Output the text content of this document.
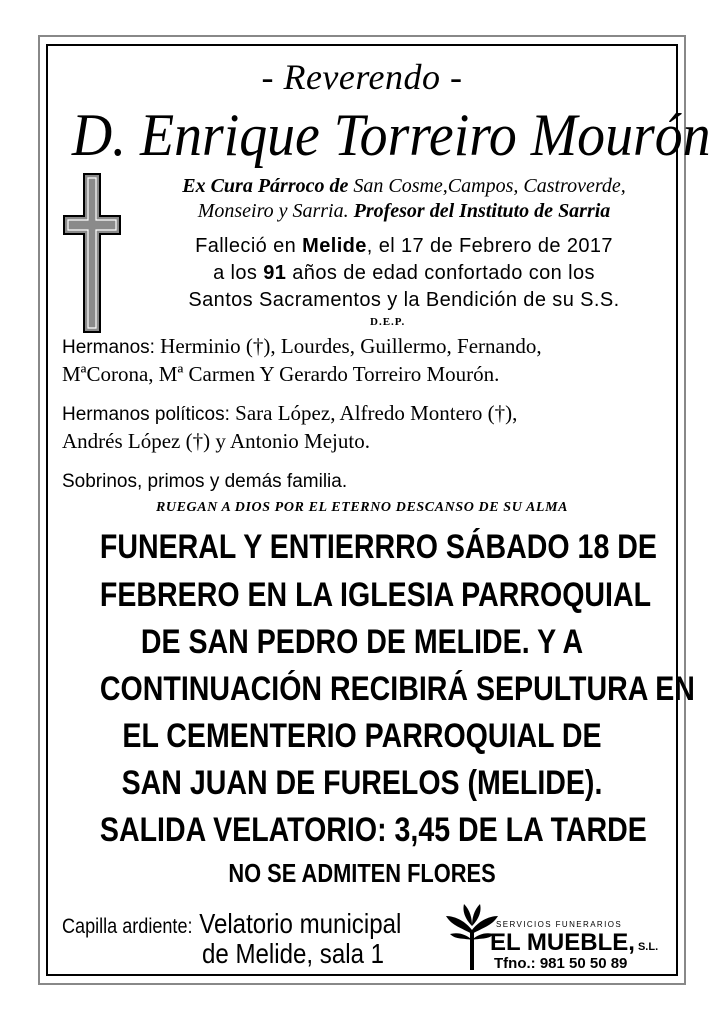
- Reverendo -
D. Enrique Torreiro Mourón
Ex Cura Párroco de San Cosme,Campos, Castroverde,
Monseiro y Sarria. Profesor del Instituto de Sarria
Falleció en Melide, el 17 de Febrero de 2017
a los 91 años de edad confortado con los
Santos Sacramentos y la Bendición de su S.S.
D.E.P.
Hermanos: Herminio (†), Lourdes, Guillermo, Fernando,
MªCorona, Mª Carmen Y Gerardo Torreiro Mourón.
Hermanos políticos: Sara López, Alfredo Montero (†),
Andrés López (†) y Antonio Mejuto.
Sobrinos, primos y demás familia.
RUEGAN A DIOS POR EL ETERNO DESCANSO DE SU ALMA
FUNERAL Y ENTIERRRO SÁBADO 18 DE
FEBRERO EN LA IGLESIA PARROQUIAL
DE SAN PEDRO DE MELIDE. Y A
CONTINUACIÓN RECIBIRÁ SEPULTURA EN
EL CEMENTERIO PARROQUIAL DE
SAN JUAN DE FURELOS (MELIDE).
SALIDA VELATORIO: 3,45 DE LA TARDE
NO SE ADMITEN FLORES
Capilla ardiente: Velatorio municipal
de Melide, sala 1
SERVICIOS FUNERARIOS
EL MUEBLE, S.L.
Tfno.: 981 50 50 89
